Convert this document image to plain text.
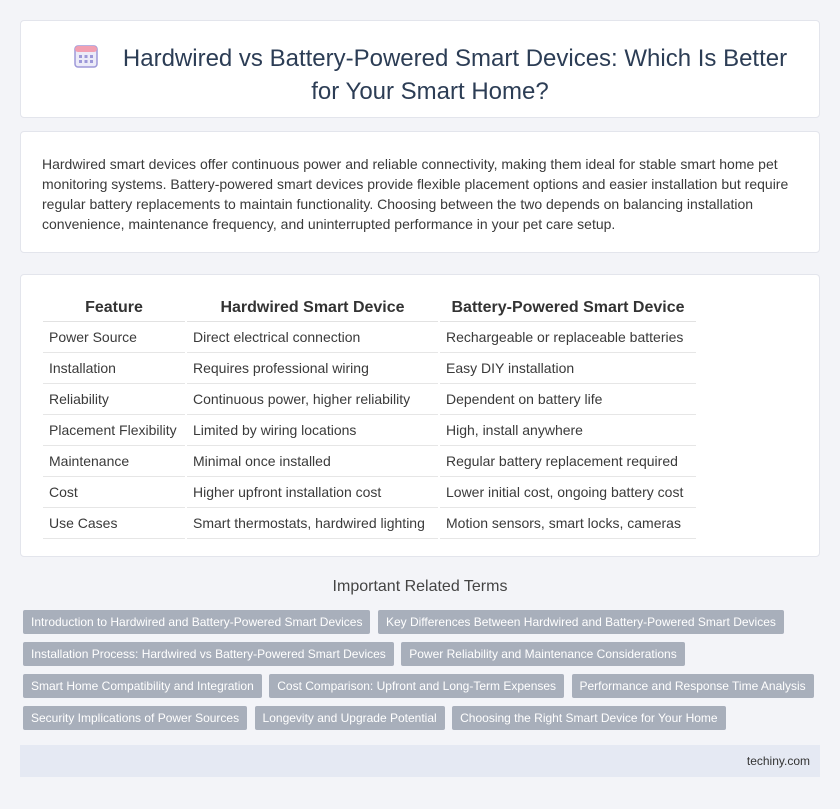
Hardwired vs Battery-Powered Smart Devices: Which Is Better for Your Smart Home?

Hardwired smart devices offer continuous power and reliable connectivity, making them ideal for stable smart home pet monitoring systems. Battery-powered smart devices provide flexible placement options and easier installation but require regular battery replacements to maintain functionality. Choosing between the two depends on balancing installation convenience, maintenance frequency, and uninterrupted performance in your pet care setup.

Feature	Hardwired Smart Device	Battery-Powered Smart Device
Power Source	Direct electrical connection	Rechargeable or replaceable batteries
Installation	Requires professional wiring	Easy DIY installation
Reliability	Continuous power, higher reliability	Dependent on battery life
Placement Flexibility	Limited by wiring locations	High, install anywhere
Maintenance	Minimal once installed	Regular battery replacement required
Cost	Higher upfront installation cost	Lower initial cost, ongoing battery cost
Use Cases	Smart thermostats, hardwired lighting	Motion sensors, smart locks, cameras
Important Related Terms
Introduction to Hardwired and Battery-Powered Smart Devices Key Differences Between Hardwired and Battery-Powered Smart Devices Installation Process: Hardwired vs Battery-Powered Smart Devices Power Reliability and Maintenance Considerations Smart Home Compatibility and Integration Cost Comparison: Upfront and Long-Term Expenses Performance and Response Time Analysis Security Implications of Power Sources Longevity and Upgrade Potential Choosing the Right Smart Device for Your Home
techiny.com
